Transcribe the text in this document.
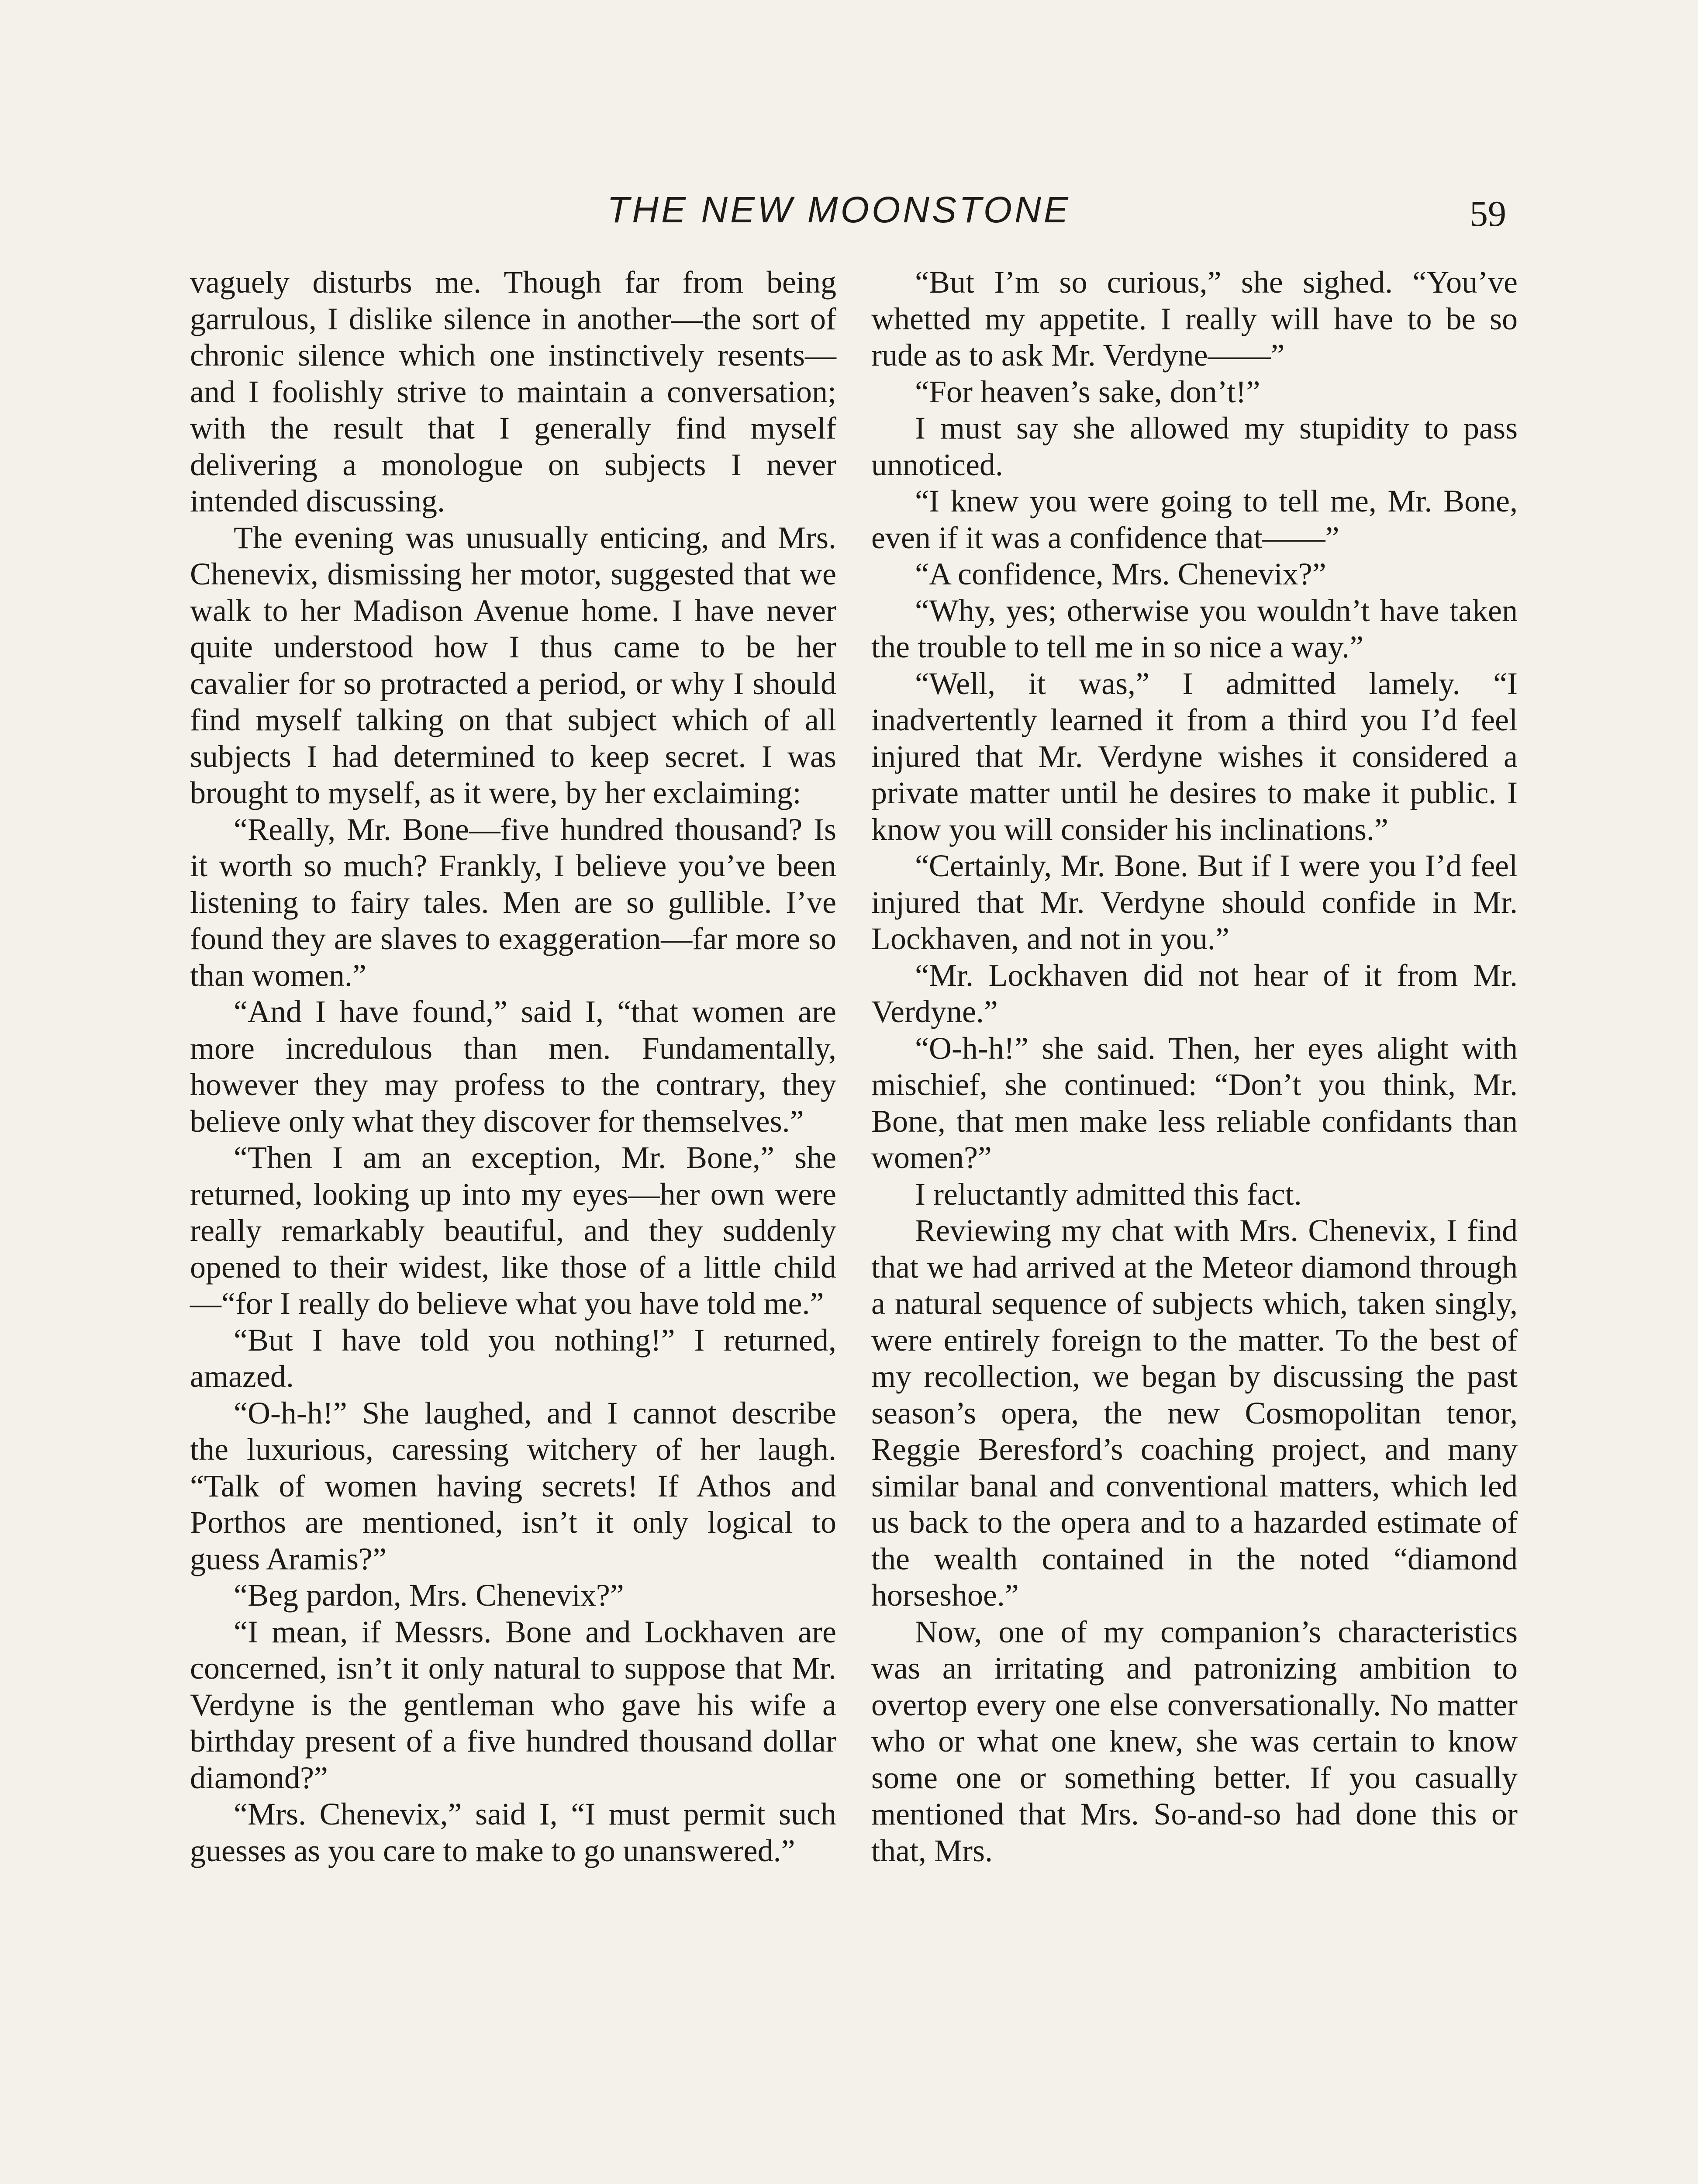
THE NEW MOONSTONE	59

vaguely disturbs me. Though far from being garrulous, I dislike silence in another—the sort of chronic silence which one instinctively resents—and I foolishly strive to maintain a conversation; with the result that I generally find myself delivering a monologue on subjects I never intended discussing.

The evening was unusually enticing, and Mrs. Chenevix, dismissing her motor, suggested that we walk to her Madison Avenue home. I have never quite understood how I thus came to be her cavalier for so protracted a period, or why I should find myself talking on that subject which of all subjects I had determined to keep secret. I was brought to myself, as it were, by her exclaiming:

“Really, Mr. Bone—five hundred thousand? Is it worth so much? Frankly, I believe you’ve been listening to fairy tales. Men are so gullible. I’ve found they are slaves to exaggeration—far more so than women.”

“And I have found,” said I, “that women are more incredulous than men. Fundamentally, however they may profess to the contrary, they believe only what they discover for themselves.”

“Then I am an exception, Mr. Bone,” she returned, looking up into my eyes—her own were really remarkably beautiful, and they suddenly opened to their widest, like those of a little child—“for I really do believe what you have told me.”

“But I have told you nothing!” I returned, amazed.

“O-h-h!” She laughed, and I cannot describe the luxurious, caressing witchery of her laugh. “Talk of women having secrets! If Athos and Porthos are mentioned, isn’t it only logical to guess Aramis?”

“Beg pardon, Mrs. Chenevix?”

“I mean, if Messrs. Bone and Lockhaven are concerned, isn’t it only natural to suppose that Mr. Verdyne is the gentleman who gave his wife a birthday present of a five hundred thousand dollar diamond?”

“Mrs. Chenevix,” said I, “I must permit such guesses as you care to make to go unanswered.”

“But I’m so curious,” she sighed. “You’ve whetted my appetite. I really will have to be so rude as to ask Mr. Verdyne——”

“For heaven’s sake, don’t!”

I must say she allowed my stupidity to pass unnoticed.

“I knew you were going to tell me, Mr. Bone, even if it was a confidence that——”

“A confidence, Mrs. Chenevix?”

“Why, yes; otherwise you wouldn’t have taken the trouble to tell me in so nice a way.”

“Well, it was,” I admitted lamely. “I inadvertently learned it from a third you I’d feel injured that Mr. Verdyne wishes it considered a private matter until he desires to make it public. I know you will consider his inclinations.”

“Certainly, Mr. Bone. But if I were you I’d feel injured that Mr. Verdyne should confide in Mr. Lockhaven, and not in you.”

“Mr. Lockhaven did not hear of it from Mr. Verdyne.”

“O-h-h!” she said. Then, her eyes alight with mischief, she continued: “Don’t you think, Mr. Bone, that men make less reliable confidants than women?”

I reluctantly admitted this fact.

Reviewing my chat with Mrs. Chenevix, I find that we had arrived at the Meteor diamond through a natural sequence of subjects which, taken singly, were entirely foreign to the matter. To the best of my recollection, we began by discussing the past season’s opera, the new Cosmopolitan tenor, Reggie Beresford’s coaching project, and many similar banal and conventional matters, which led us back to the opera and to a hazarded estimate of the wealth contained in the noted “diamond horseshoe.”

Now, one of my companion’s characteristics was an irritating and patronizing ambition to overtop every one else conversationally. No matter who or what one knew, she was certain to know some one or something better. If you casually mentioned that Mrs. So-and-so had done this or that, Mrs.
